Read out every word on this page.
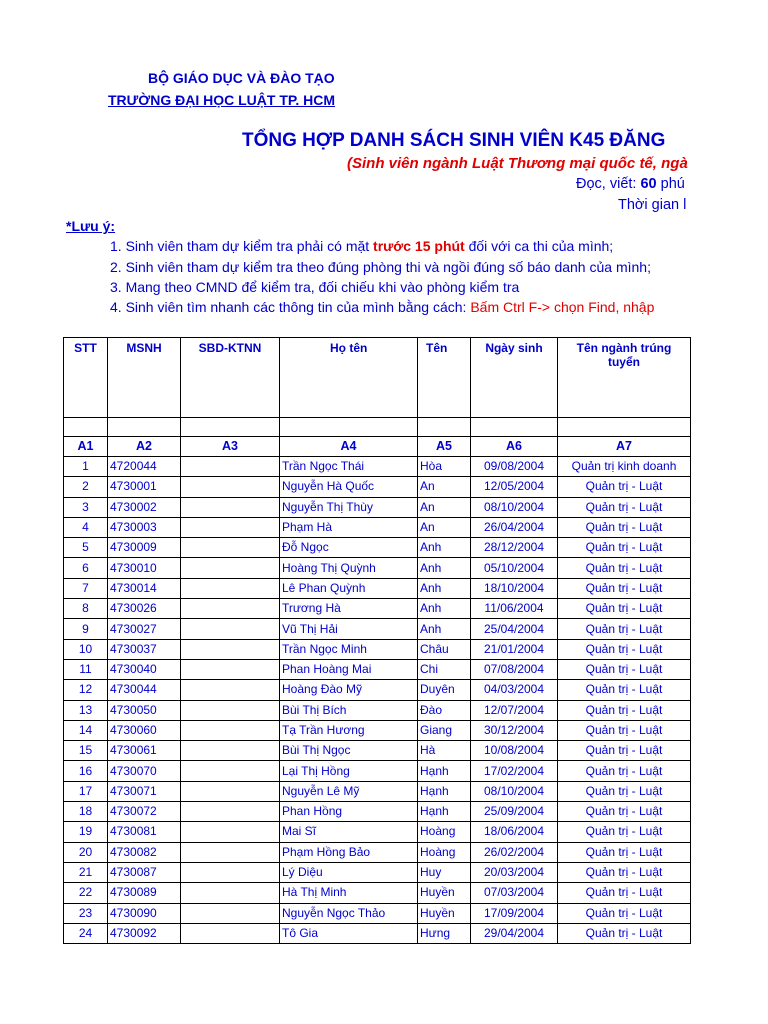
BỘ GIÁO DỤC VÀ ĐÀO TẠO
TRƯỜNG ĐẠI HỌC LUẬT TP. HCM
TỔNG HỢP DANH SÁCH SINH VIÊN K45 ĐĂNG
(Sinh viên ngành Luật Thương mại quốc tế, ngà
Đọc, viết: 60 phú
Thời gian l
*Lưu ý:
1. Sinh viên tham dự kiểm tra phải có mặt trước 15 phút đối với ca thi của mình;
2. Sinh viên tham dự kiểm tra theo đúng phòng thi và ngồi đúng số báo danh của mình;
3. Mang theo CMND để kiểm tra, đối chiếu khi vào phòng kiểm tra
4. Sinh viên tìm nhanh các thông tin của mình bằng cách: Bấm Ctrl F-> chọn Find, nhập
STT	MSNH	SBD-KTNN	Họ tên	Tên	Ngày sinh	Tên ngành trúng tuyển

A1	A2	A3	A4	A5	A6	A7
1	4720044		Trần Ngọc Thái	Hòa	09/08/2004	Quản trị kinh doanh
2	4730001		Nguyễn Hà Quốc	An	12/05/2004	Quản trị - Luật
3	4730002		Nguyễn Thị Thùy	An	08/10/2004	Quản trị - Luật
4	4730003		Phạm Hà	An	26/04/2004	Quản trị - Luật
5	4730009		Đỗ Ngọc	Anh	28/12/2004	Quản trị - Luật
6	4730010		Hoàng Thị Quỳnh	Anh	05/10/2004	Quản trị - Luật
7	4730014		Lê Phan Quỳnh	Anh	18/10/2004	Quản trị - Luật
8	4730026		Trương Hà	Anh	11/06/2004	Quản trị - Luật
9	4730027		Vũ Thị Hải	Anh	25/04/2004	Quản trị - Luật
10	4730037		Trần Ngọc Minh	Châu	21/01/2004	Quản trị - Luật
11	4730040		Phan Hoàng Mai	Chi	07/08/2004	Quản trị - Luật
12	4730044		Hoàng Đào Mỹ	Duyên	04/03/2004	Quản trị - Luật
13	4730050		Bùi Thị Bích	Đào	12/07/2004	Quản trị - Luật
14	4730060		Tạ Trần Hương	Giang	30/12/2004	Quản trị - Luật
15	4730061		Bùi Thị Ngọc	Hà	10/08/2004	Quản trị - Luật
16	4730070		Lại Thị Hồng	Hạnh	17/02/2004	Quản trị - Luật
17	4730071		Nguyễn Lê Mỹ	Hạnh	08/10/2004	Quản trị - Luật
18	4730072		Phan Hồng	Hạnh	25/09/2004	Quản trị - Luật
19	4730081		Mai Sĩ	Hoàng	18/06/2004	Quản trị - Luật
20	4730082		Phạm Hồng Bảo	Hoàng	26/02/2004	Quản trị - Luật
21	4730087		Lý Diệu	Huy	20/03/2004	Quản trị - Luật
22	4730089		Hà Thị Minh	Huyền	07/03/2004	Quản trị - Luật
23	4730090		Nguyễn Ngọc Thảo	Huyền	17/09/2004	Quản trị - Luật
24	4730092		Tô Gia	Hưng	29/04/2004	Quản trị - Luật
